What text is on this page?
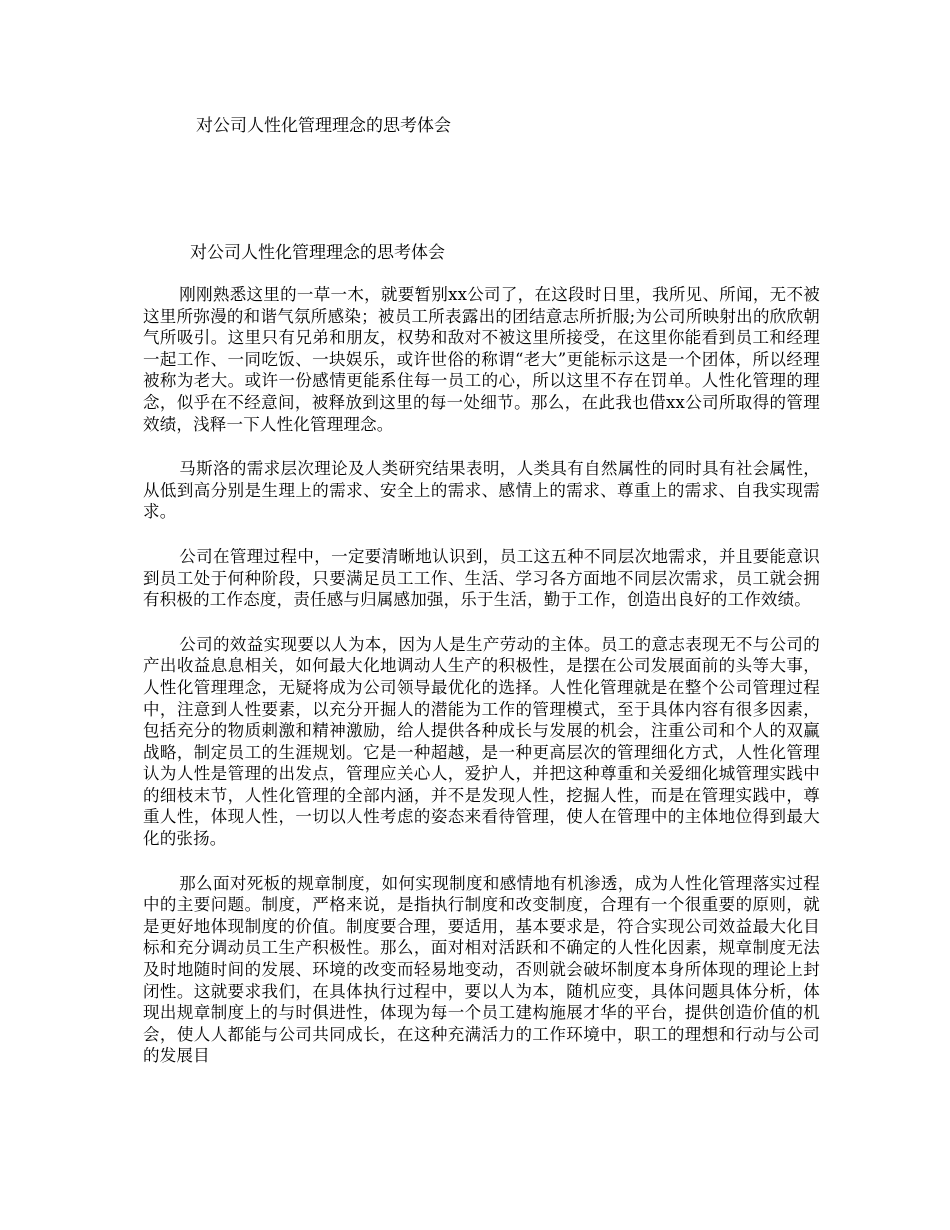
对公司人性化管理理念的思考体会
对公司人性化管理理念的思考体会

刚刚熟悉这里的一草一木，就要暂别xx公司了，在这段时日里，我所见、所闻，无不被这里所弥漫的和谐气氛所感染；被员工所表露出的团结意志所折服;为公司所映射出的欣欣朝气所吸引。这里只有兄弟和朋友，权势和敌对不被这里所接受，在这里你能看到员工和经理一起工作、一同吃饭、一块娱乐，或许世俗的称谓“老大”更能标示这是一个团体，所以经理被称为老大。或许一份感情更能系住每一员工的心，所以这里不存在罚单。人性化管理的理念，似乎在不经意间，被释放到这里的每一处细节。那么，在此我也借xx公司所取得的管理效绩，浅释一下人性化管理理念。

马斯洛的需求层次理论及人类研究结果表明，人类具有自然属性的同时具有社会属性，从低到高分别是生理上的需求、安全上的需求、感情上的需求、尊重上的需求、自我实现需求。

公司在管理过程中，一定要清晰地认识到，员工这五种不同层次地需求，并且要能意识到员工处于何种阶段，只要满足员工工作、生活、学习各方面地不同层次需求，员工就会拥有积极的工作态度，责任感与归属感加强，乐于生活，勤于工作，创造出良好的工作效绩。

公司的效益实现要以人为本，因为人是生产劳动的主体。员工的意志表现无不与公司的产出收益息息相关，如何最大化地调动人生产的积极性，是摆在公司发展面前的头等大事，人性化管理理念，无疑将成为公司领导最优化的选择。人性化管理就是在整个公司管理过程中，注意到人性要素，以充分开掘人的潜能为工作的管理模式，至于具体内容有很多因素，包括充分的物质刺激和精神激励，给人提供各种成长与发展的机会，注重公司和个人的双赢战略，制定员工的生涯规划。它是一种超越，是一种更高层次的管理细化方式，人性化管理认为人性是管理的出发点，管理应关心人，爱护人，并把这种尊重和关爱细化城管理实践中的细枝末节，人性化管理的全部内涵，并不是发现人性，挖掘人性，而是在管理实践中，尊重人性，体现人性，一切以人性考虑的姿态来看待管理，使人在管理中的主体地位得到最大化的张扬。

那么面对死板的规章制度，如何实现制度和感情地有机渗透，成为人性化管理落实过程中的主要问题。制度，严格来说，是指执行制度和改变制度，合理有一个很重要的原则，就是更好地体现制度的价值。制度要合理，要适用，基本要求是，符合实现公司效益最大化目标和充分调动员工生产积极性。那么，面对相对活跃和不确定的人性化因素，规章制度无法及时地随时间的发展、环境的改变而轻易地变动，否则就会破坏制度本身所体现的理论上封闭性。这就要求我们，在具体执行过程中，要以人为本，随机应变，具体问题具体分析，体现出规章制度上的与时俱进性，体现为每一个员工建构施展才华的平台，提供创造价值的机会，使人人都能与公司共同成长，在这种充满活力的工作环境中，职工的理想和行动与公司的发展目
